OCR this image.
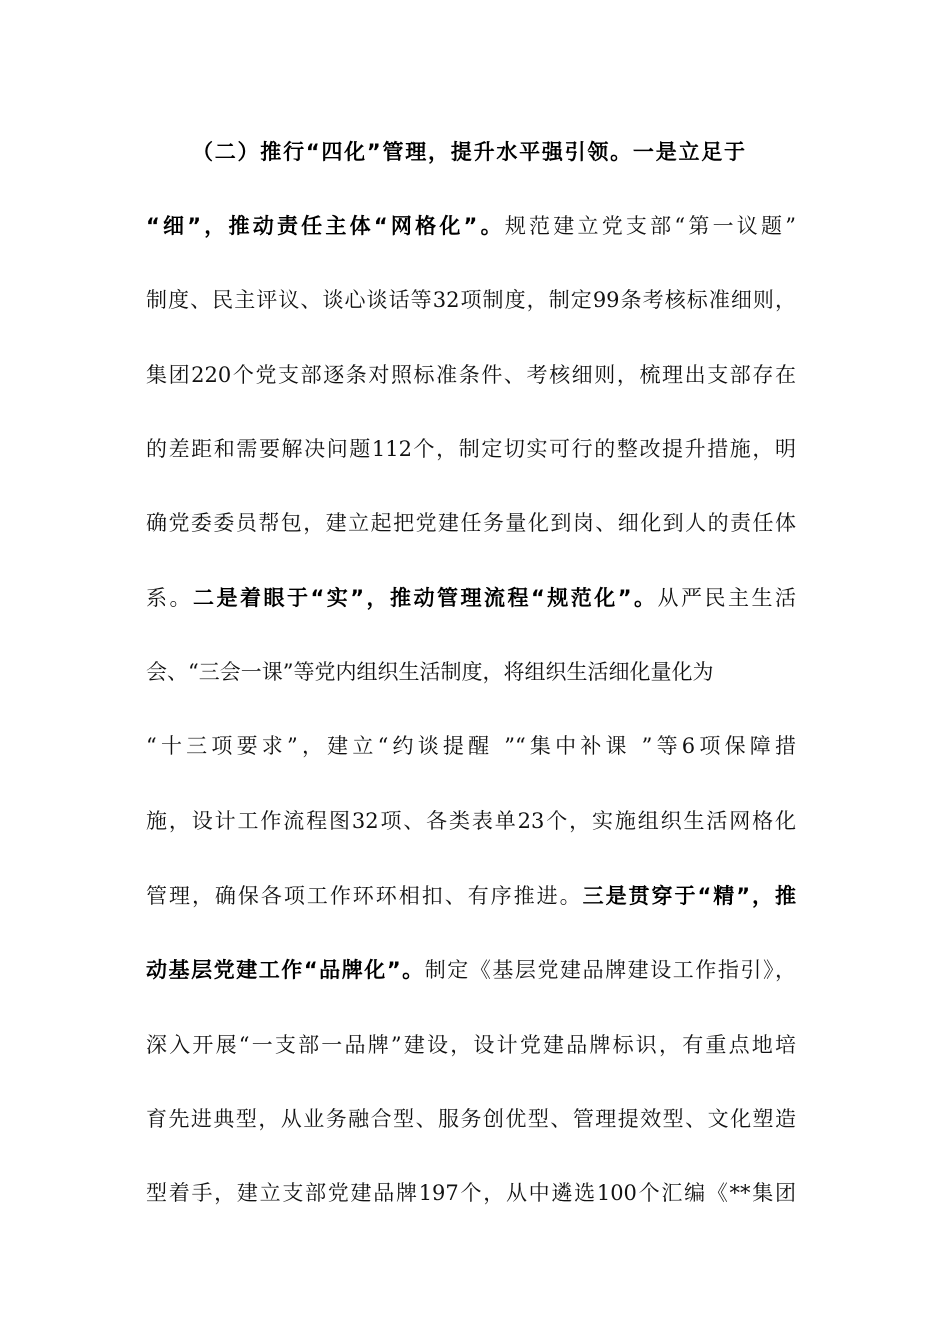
（二）推行“四化”管理，提升水平强引领。一是立足于
“细”，推动责任主体“网格化”。规范建立党支部“第一议题”
制度、民主评议、谈心谈话等32项制度，制定99条考核标准细则，
集团220个党支部逐条对照标准条件、考核细则，梳理出支部存在
的差距和需要解决问题112个，制定切实可行的整改提升措施，明
确党委委员帮包，建立起把党建任务量化到岗、细化到人的责任体
系。二是着眼于“实”，推动管理流程“规范化”。从严民主生活
会、“三会一课”等党内组织生活制度，将组织生活细化量化为
“十三项要求”，建立“约谈提醒 ”“集中补课 ”等6项保障措
施，设计工作流程图32项、各类表单23个，实施组织生活网格化
管理，确保各项工作环环相扣、有序推进。三是贯穿于“精”，推
动基层党建工作“品牌化”。制定《基层党建品牌建设工作指引》，
深入开展“一支部一品牌”建设，设计党建品牌标识，有重点地培
育先进典型，从业务融合型、服务创优型、管理提效型、文化塑造
型着手，建立支部党建品牌197个，从中遴选100个汇编《**集团
